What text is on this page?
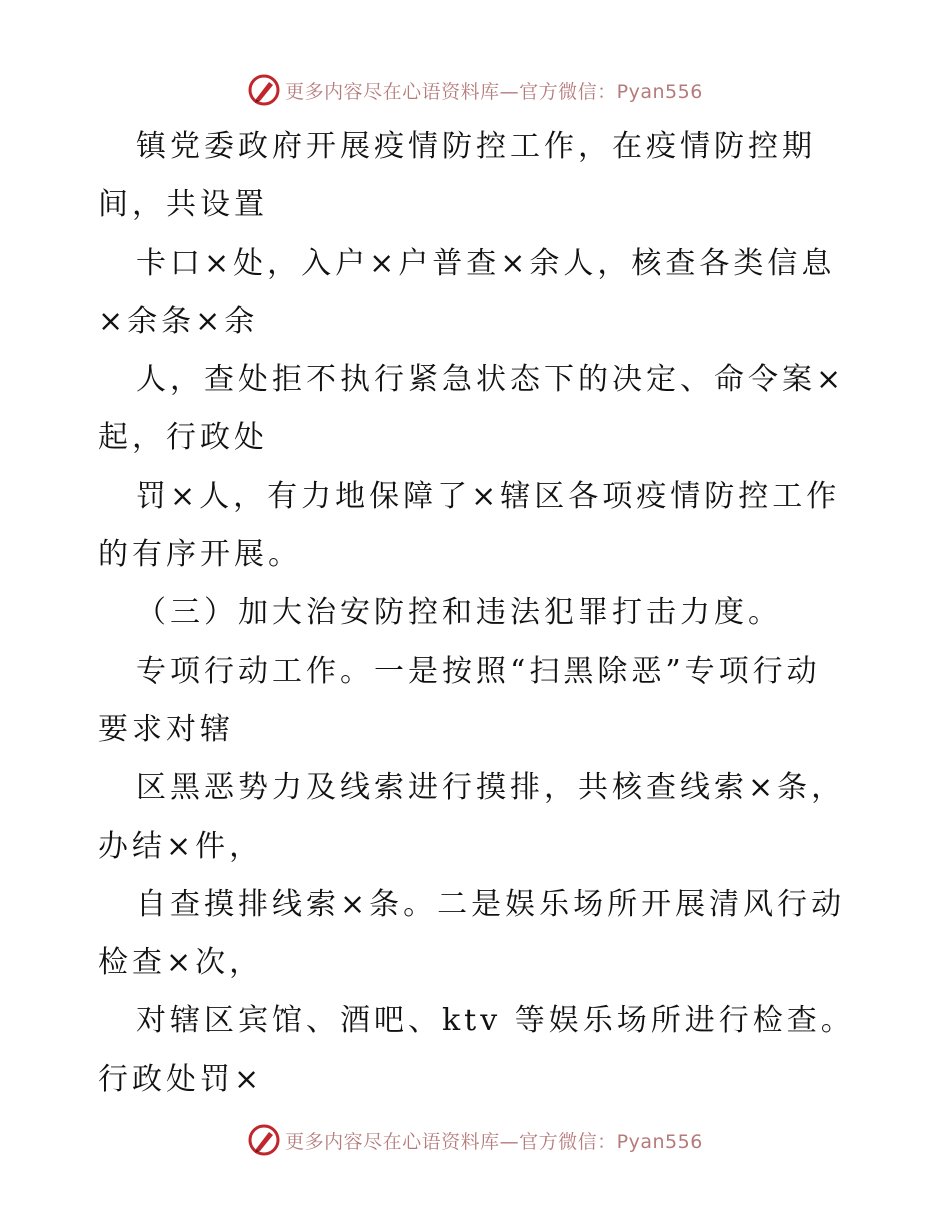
更多内容尽在心语资料库—官方微信：Pyan556
镇党委政府开展疫情防控工作，在疫情防控期
间，共设置
卡口×处，入户×户普查×余人，核查各类信息
×余条×余
人，查处拒不执行紧急状态下的决定、命令案×
起，行政处
罚×人，有力地保障了×辖区各项疫情防控工作
的有序开展。
（三）加大治安防控和违法犯罪打击力度。
专项行动工作。一是按照“扫黑除恶”专项行动
要求对辖
区黑恶势力及线索进行摸排，共核查线索×条，
办结×件，
自查摸排线索×条。二是娱乐场所开展清风行动
检查×次，
对辖区宾馆、酒吧、ktv 等娱乐场所进行检查。
行政处罚×
更多内容尽在心语资料库—官方微信：Pyan556
